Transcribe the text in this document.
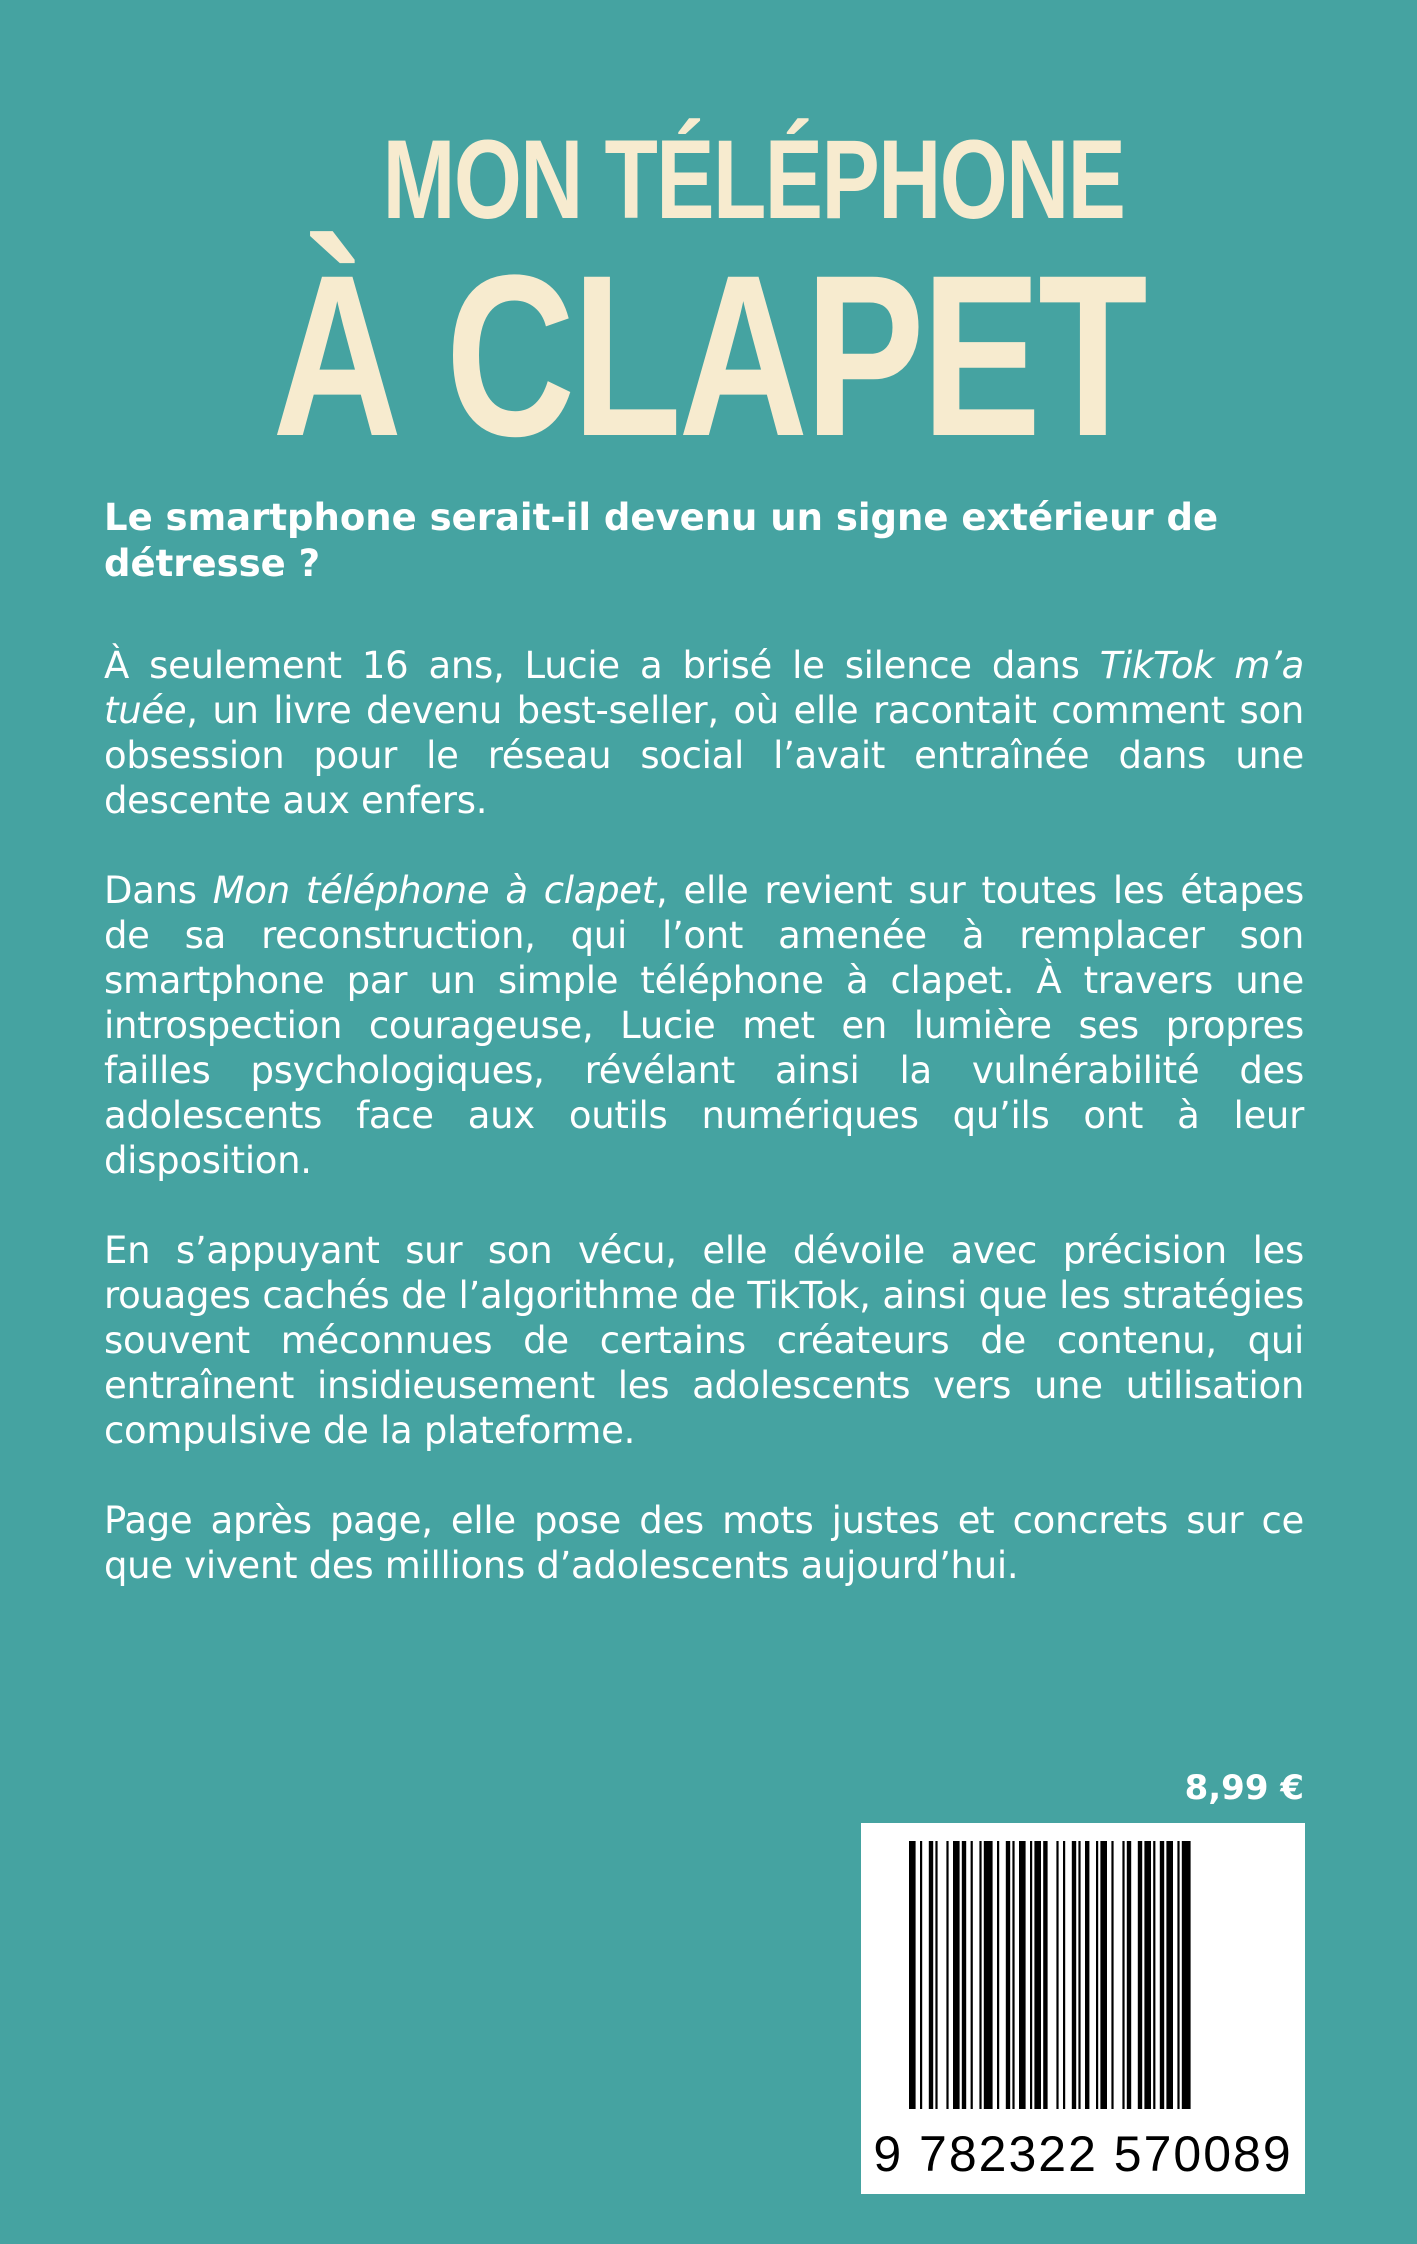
MON TÉLÉPHONE
À CLAPET

Le smartphone serait-il devenu un signe extérieur de détresse ?

À seulement 16 ans, Lucie a brisé le silence dans TikTok m’a tuée, un livre devenu best-seller, où elle racontait comment son obsession pour le réseau social l’avait entraînée dans une descente aux enfers.

Dans Mon téléphone à clapet, elle revient sur toutes les étapes de sa reconstruction, qui l’ont amenée à remplacer son smartphone par un simple téléphone à clapet. À travers une introspection courageuse, Lucie met en lumière ses propres failles psychologiques, révélant ainsi la vulnérabilité des adolescents face aux outils numériques qu’ils ont à leur disposition.

En s’appuyant sur son vécu, elle dévoile avec précision les rouages cachés de l’algorithme de TikTok, ainsi que les stratégies souvent méconnues de certains créateurs de contenu, qui entraînent insidieusement les adolescents vers une utilisation compulsive de la plateforme.

Page après page, elle pose des mots justes et concrets sur ce que vivent des millions d’adolescents aujourd’hui.

8,99 €
9 782322 570089
